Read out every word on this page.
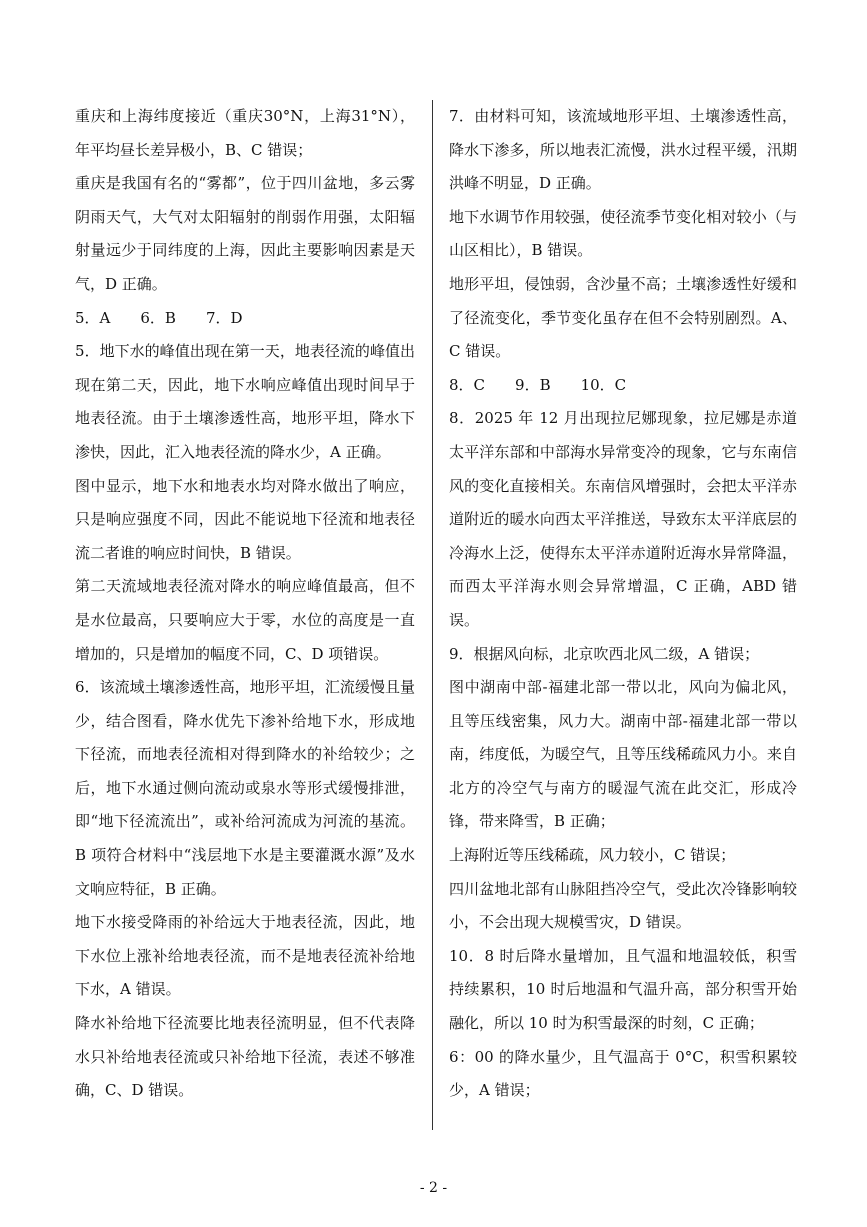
重庆和上海纬度接近（重庆30°N，上海31°N），年平均昼长差异极小，B、C 错误；

重庆是我国有名的“雾都”，位于四川盆地，多云雾阴雨天气，大气对太阳辐射的削弱作用强，太阳辐射量远少于同纬度的上海，因此主要影响因素是天气，D 正确。

5．A　　6．B　　7．D

5．地下水的峰值出现在第一天，地表径流的峰值出现在第二天，因此，地下水响应峰值出现时间早于地表径流。由于土壤渗透性高，地形平坦，降水下渗快，因此，汇入地表径流的降水少，A 正确。

图中显示，地下水和地表水均对降水做出了响应，只是响应强度不同，因此不能说地下径流和地表径流二者谁的响应时间快，B 错误。

第二天流域地表径流对降水的响应峰值最高，但不是水位最高，只要响应大于零，水位的高度是一直增加的，只是增加的幅度不同，C、D 项错误。

6．该流域土壤渗透性高，地形平坦，汇流缓慢且量少，结合图看，降水优先下渗补给地下水，形成地下径流，而地表径流相对得到降水的补给较少；之后，地下水通过侧向流动或泉水等形式缓慢排泄，即“地下径流流出”，或补给河流成为河流的基流。B 项符合材料中“浅层地下水是主要灌溉水源”及水文响应特征，B 正确。

地下水接受降雨的补给远大于地表径流，因此，地下水位上涨补给地表径流，而不是地表径流补给地下水，A 错误。

降水补给地下径流要比地表径流明显，但不代表降水只补给地表径流或只补给地下径流，表述不够准确，C、D 错误。

7．由材料可知，该流域地形平坦、土壤渗透性高，降水下渗多，所以地表汇流慢，洪水过程平缓，汛期洪峰不明显，D 正确。

地下水调节作用较强，使径流季节变化相对较小（与山区相比），B 错误。

地形平坦，侵蚀弱，含沙量不高；土壤渗透性好缓和了径流变化，季节变化虽存在但不会特别剧烈。A、C 错误。

8．C　　9．B　　10．C

8．2025 年 12 月出现拉尼娜现象，拉尼娜是赤道太平洋东部和中部海水异常变冷的现象，它与东南信风的变化直接相关。东南信风增强时，会把太平洋赤道附近的暖水向西太平洋推送，导致东太平洋底层的冷海水上泛，使得东太平洋赤道附近海水异常降温，而西太平洋海水则会异常增温，C 正确，ABD 错误。

9．根据风向标，北京吹西北风二级，A 错误；

图中湖南中部-福建北部一带以北，风向为偏北风，且等压线密集，风力大。湖南中部-福建北部一带以南，纬度低，为暖空气，且等压线稀疏风力小。来自北方的冷空气与南方的暖湿气流在此交汇，形成冷锋，带来降雪，B 正确；

上海附近等压线稀疏，风力较小，C 错误；

四川盆地北部有山脉阻挡冷空气，受此次冷锋影响较小，不会出现大规模雪灾，D 错误。

10．8 时后降水量增加，且气温和地温较低，积雪持续累积，10 时后地温和气温升高，部分积雪开始融化，所以 10 时为积雪最深的时刻，C 正确；

6：00 的降水量少，且气温高于 0°C，积雪积累较少，A 错误；

- 2 -
